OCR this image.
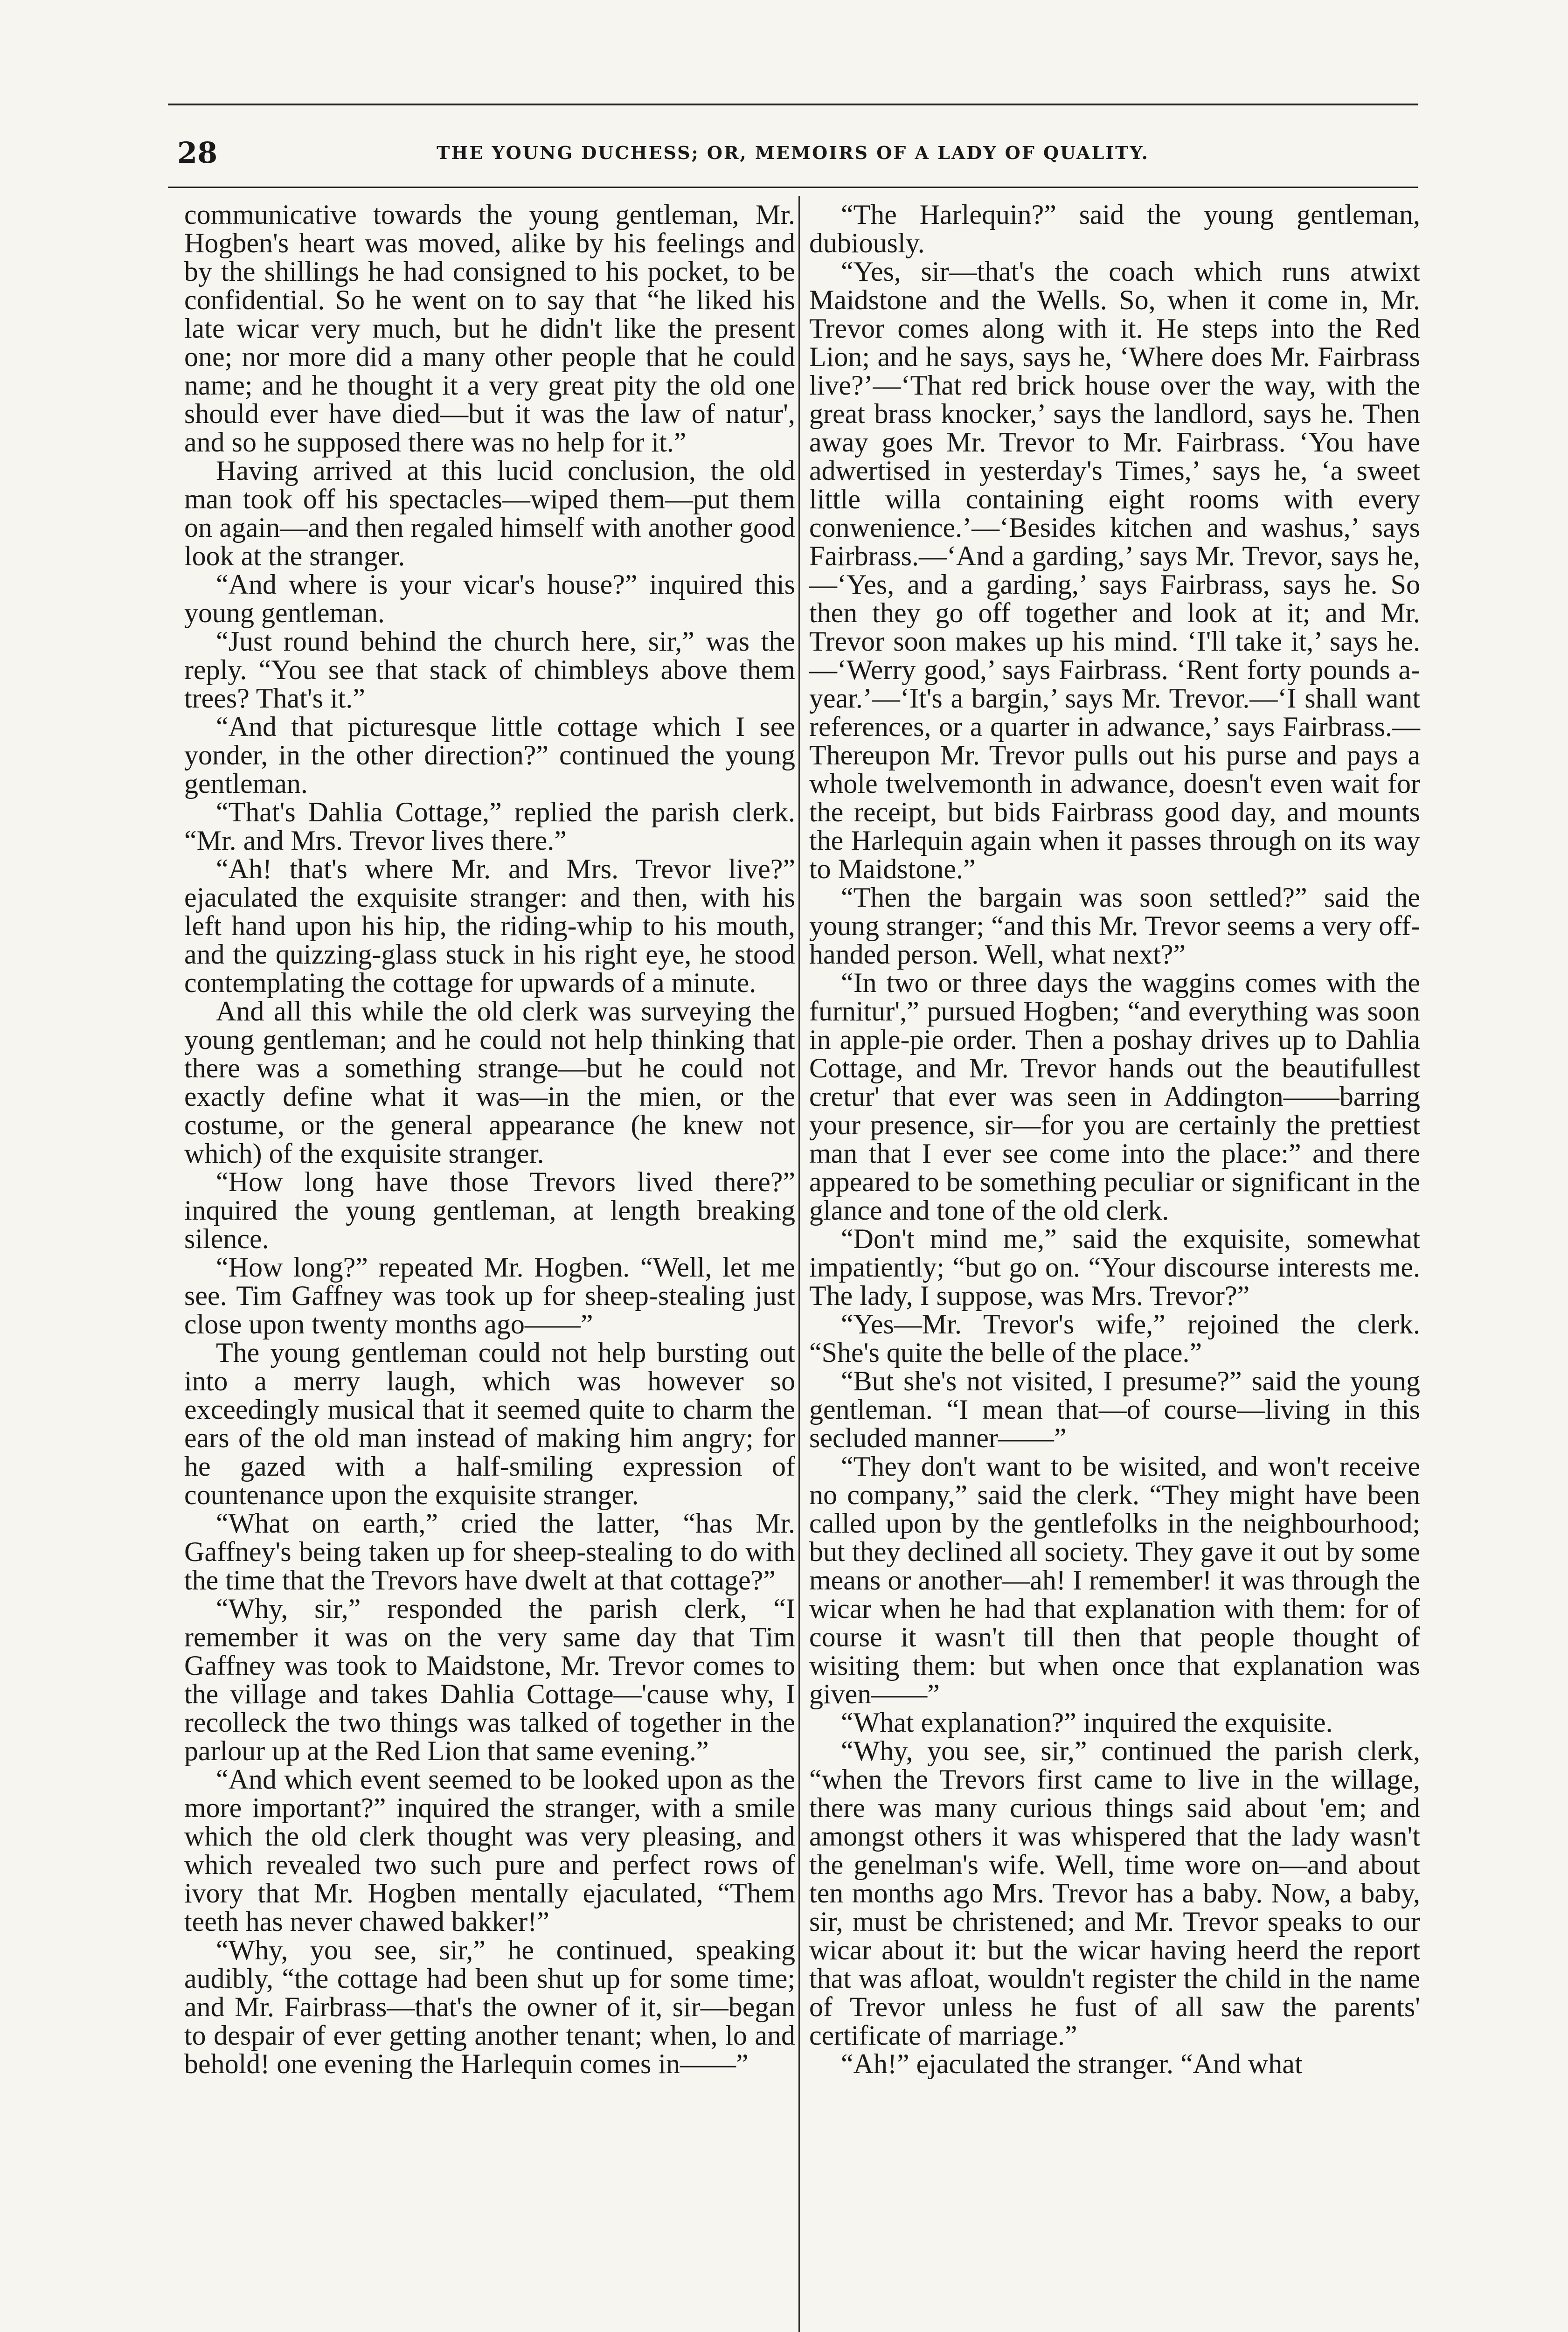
28	THE YOUNG DUCHESS; OR, MEMOIRS OF A LADY OF QUALITY.

communicative towards the young gentleman, Mr. Hogben's heart was moved, alike by his feelings and by the shillings he had consigned to his pocket, to be confidential. So he went on to say that “he liked his late wicar very much, but he didn't like the present one; nor more did a many other people that he could name; and he thought it a very great pity the old one should ever have died—but it was the law of natur', and so he supposed there was no help for it.”

Having arrived at this lucid conclusion, the old man took off his spectacles—wiped them—put them on again—and then regaled himself with another good look at the stranger.

“And where is your vicar's house?” inquired this young gentleman.

“Just round behind the church here, sir,” was the reply. “You see that stack of chimbleys above them trees? That's it.”

“And that picturesque little cottage which I see yonder, in the other direction?” continued the young gentleman.

“That's Dahlia Cottage,” replied the parish clerk. “Mr. and Mrs. Trevor lives there.”

“Ah! that's where Mr. and Mrs. Trevor live?” ejaculated the exquisite stranger: and then, with his left hand upon his hip, the riding-whip to his mouth, and the quizzing-glass stuck in his right eye, he stood contemplating the cottage for upwards of a minute.

And all this while the old clerk was surveying the young gentleman; and he could not help thinking that there was a something strange—but he could not exactly define what it was—in the mien, or the costume, or the general appearance (he knew not which) of the exquisite stranger.

“How long have those Trevors lived there?” inquired the young gentleman, at length breaking silence.

“How long?” repeated Mr. Hogben. “Well, let me see. Tim Gaffney was took up for sheep-stealing just close upon twenty months ago——”

The young gentleman could not help bursting out into a merry laugh, which was however so exceedingly musical that it seemed quite to charm the ears of the old man instead of making him angry; for he gazed with a half-smiling expression of countenance upon the exquisite stranger.

“What on earth,” cried the latter, “has Mr. Gaffney's being taken up for sheep-stealing to do with the time that the Trevors have dwelt at that cottage?”

“Why, sir,” responded the parish clerk, “I remember it was on the very same day that Tim Gaffney was took to Maidstone, Mr. Trevor comes to the village and takes Dahlia Cottage—'cause why, I recolleck the two things was talked of together in the parlour up at the Red Lion that same evening.”

“And which event seemed to be looked upon as the more important?” inquired the stranger, with a smile which the old clerk thought was very pleasing, and which revealed two such pure and perfect rows of ivory that Mr. Hogben mentally ejaculated, “Them teeth has never chawed bakker!”

“Why, you see, sir,” he continued, speaking audibly, “the cottage had been shut up for some time; and Mr. Fairbrass—that's the owner of it, sir—began to despair of ever getting another tenant; when, lo and behold! one evening the Harlequin comes in——”

“The Harlequin?” said the young gentleman, dubiously.

“Yes, sir—that's the coach which runs atwixt Maidstone and the Wells. So, when it come in, Mr. Trevor comes along with it. He steps into the Red Lion; and he says, says he, ‘Where does Mr. Fairbrass live?’—‘That red brick house over the way, with the great brass knocker,’ says the landlord, says he. Then away goes Mr. Trevor to Mr. Fairbrass. ‘You have adwertised in yesterday's Times,’ says he, ‘a sweet little willa containing eight rooms with every conwenience.’—‘Besides kitchen and washus,’ says Fairbrass.—‘And a garding,’ says Mr. Trevor, says he,—‘Yes, and a garding,’ says Fairbrass, says he. So then they go off together and look at it; and Mr. Trevor soon makes up his mind. ‘I'll take it,’ says he.—‘Werry good,’ says Fairbrass. ‘Rent forty pounds a-year.’—‘It's a bargin,’ says Mr. Trevor.—‘I shall want references, or a quarter in adwance,’ says Fairbrass.—Thereupon Mr. Trevor pulls out his purse and pays a whole twelvemonth in adwance, doesn't even wait for the receipt, but bids Fairbrass good day, and mounts the Harlequin again when it passes through on its way to Maidstone.”

“Then the bargain was soon settled?” said the young stranger; “and this Mr. Trevor seems a very off-handed person. Well, what next?”

“In two or three days the waggins comes with the furnitur',” pursued Hogben; “and everything was soon in apple-pie order. Then a poshay drives up to Dahlia Cottage, and Mr. Trevor hands out the beautifullest cretur' that ever was seen in Addington——barring your presence, sir—for you are certainly the prettiest man that I ever see come into the place:” and there appeared to be something peculiar or significant in the glance and tone of the old clerk.

“Don't mind me,” said the exquisite, somewhat impatiently; “but go on. “Your discourse interests me. The lady, I suppose, was Mrs. Trevor?”

“Yes—Mr. Trevor's wife,” rejoined the clerk. “She's quite the belle of the place.”

“But she's not visited, I presume?” said the young gentleman. “I mean that—of course—living in this secluded manner——”

“They don't want to be wisited, and won't receive no company,” said the clerk. “They might have been called upon by the gentlefolks in the neighbourhood; but they declined all society. They gave it out by some means or another—ah! I remember! it was through the wicar when he had that explanation with them: for of course it wasn't till then that people thought of wisiting them: but when once that explanation was given——”

“What explanation?” inquired the exquisite.

“Why, you see, sir,” continued the parish clerk, “when the Trevors first came to live in the willage, there was many curious things said about 'em; and amongst others it was whispered that the lady wasn't the genelman's wife. Well, time wore on—and about ten months ago Mrs. Trevor has a baby. Now, a baby, sir, must be christened; and Mr. Trevor speaks to our wicar about it: but the wicar having heerd the report that was afloat, wouldn't register the child in the name of Trevor unless he fust of all saw the parents' certificate of marriage.”

“Ah!” ejaculated the stranger. “And what
